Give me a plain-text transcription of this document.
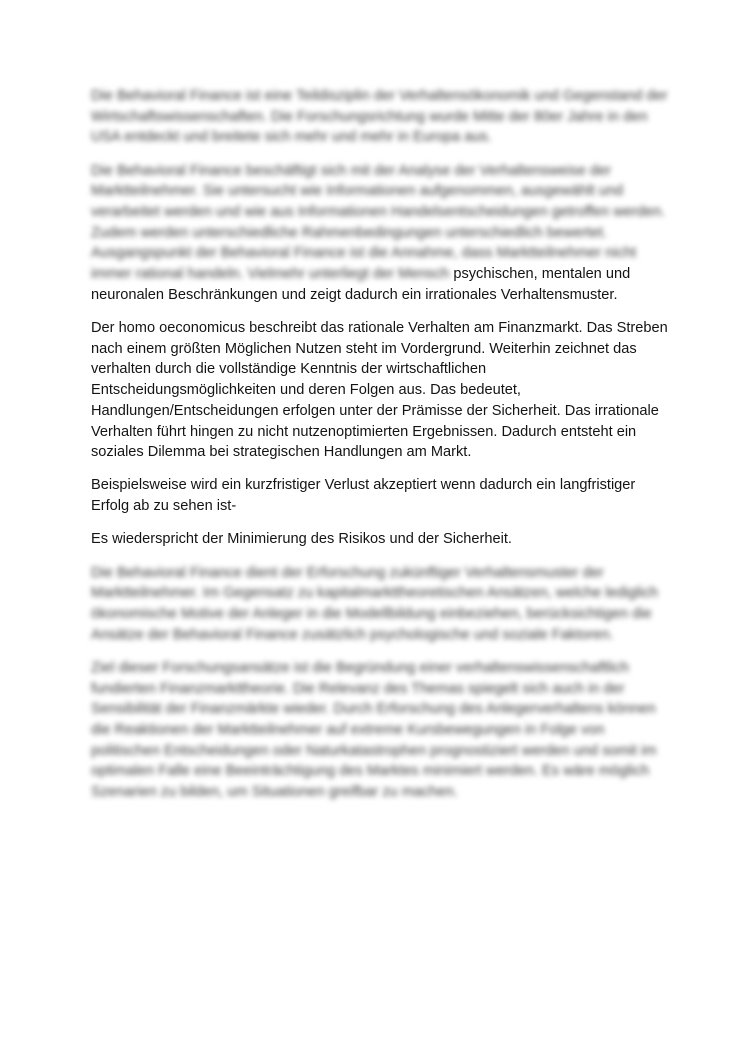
Die Behavioral Finance ist eine Teildisziplin der Verhaltensökonomik und Gegenstand der Wirtschaftswissenschaften. Die Forschungsrichtung wurde Mitte der 80er Jahre in den USA entdeckt und breitete sich mehr und mehr in Europa aus.

Die Behavioral Finance beschäftigt sich mit der Analyse der Verhaltensweise der Marktteilnehmer. Sie untersucht wie Informationen aufgenommen, ausgewählt und verarbeitet werden und wie aus Informationen Handelsentscheidungen getroffen werden. Zudem werden unterschiedliche Rahmenbedingungen unterschiedlich bewertet. Ausgangspunkt der Behavioral Finance ist die Annahme, dass Marktteilnehmer nicht immer rational handeln. Vielmehr unterliegt der Mensch psychischen, mentalen und neuronalen Beschränkungen und zeigt dadurch ein irrationales Verhaltensmuster.

Der homo oeconomicus beschreibt das rationale Verhalten am Finanzmarkt. Das Streben nach einem größten Möglichen Nutzen steht im Vordergrund. Weiterhin zeichnet das verhalten durch die vollständige Kenntnis der wirtschaftlichen Entscheidungsmöglichkeiten und deren Folgen aus. Das bedeutet, Handlungen/Entscheidungen erfolgen unter der Prämisse der Sicherheit. Das irrationale Verhalten führt hingen zu nicht nutzenoptimierten Ergebnissen. Dadurch entsteht ein soziales Dilemma bei strategischen Handlungen am Markt.

Beispielsweise wird ein kurzfristiger Verlust akzeptiert wenn dadurch ein langfristiger Erfolg ab zu sehen ist-

Es wiederspricht der Minimierung des Risikos und der Sicherheit.

Die Behavioral Finance dient der Erforschung zukünftiger Verhaltensmuster der Marktteilnehmer. Im Gegensatz zu kapitalmarkttheoretischen Ansätzen, welche lediglich ökonomische Motive der Anleger in die Modellbildung einbeziehen, berücksichtigen die Ansätze der Behavioral Finance zusätzlich psychologische und soziale Faktoren.

Ziel dieser Forschungsansätze ist die Begründung einer verhaltenswissenschaftlich fundierten Finanzmarkttheorie. Die Relevanz des Themas spiegelt sich auch in der Sensibilität der Finanzmärkte wieder. Durch Erforschung des Anlegerverhaltens können die Reaktionen der Marktteilnehmer auf extreme Kursbewegungen in Folge von politischen Entscheidungen oder Naturkatastrophen prognostiziert werden und somit im optimalen Falle eine Beeinträchtigung des Marktes minimiert werden. Es wäre möglich Szenarien zu bilden, um Situationen greifbar zu machen.
